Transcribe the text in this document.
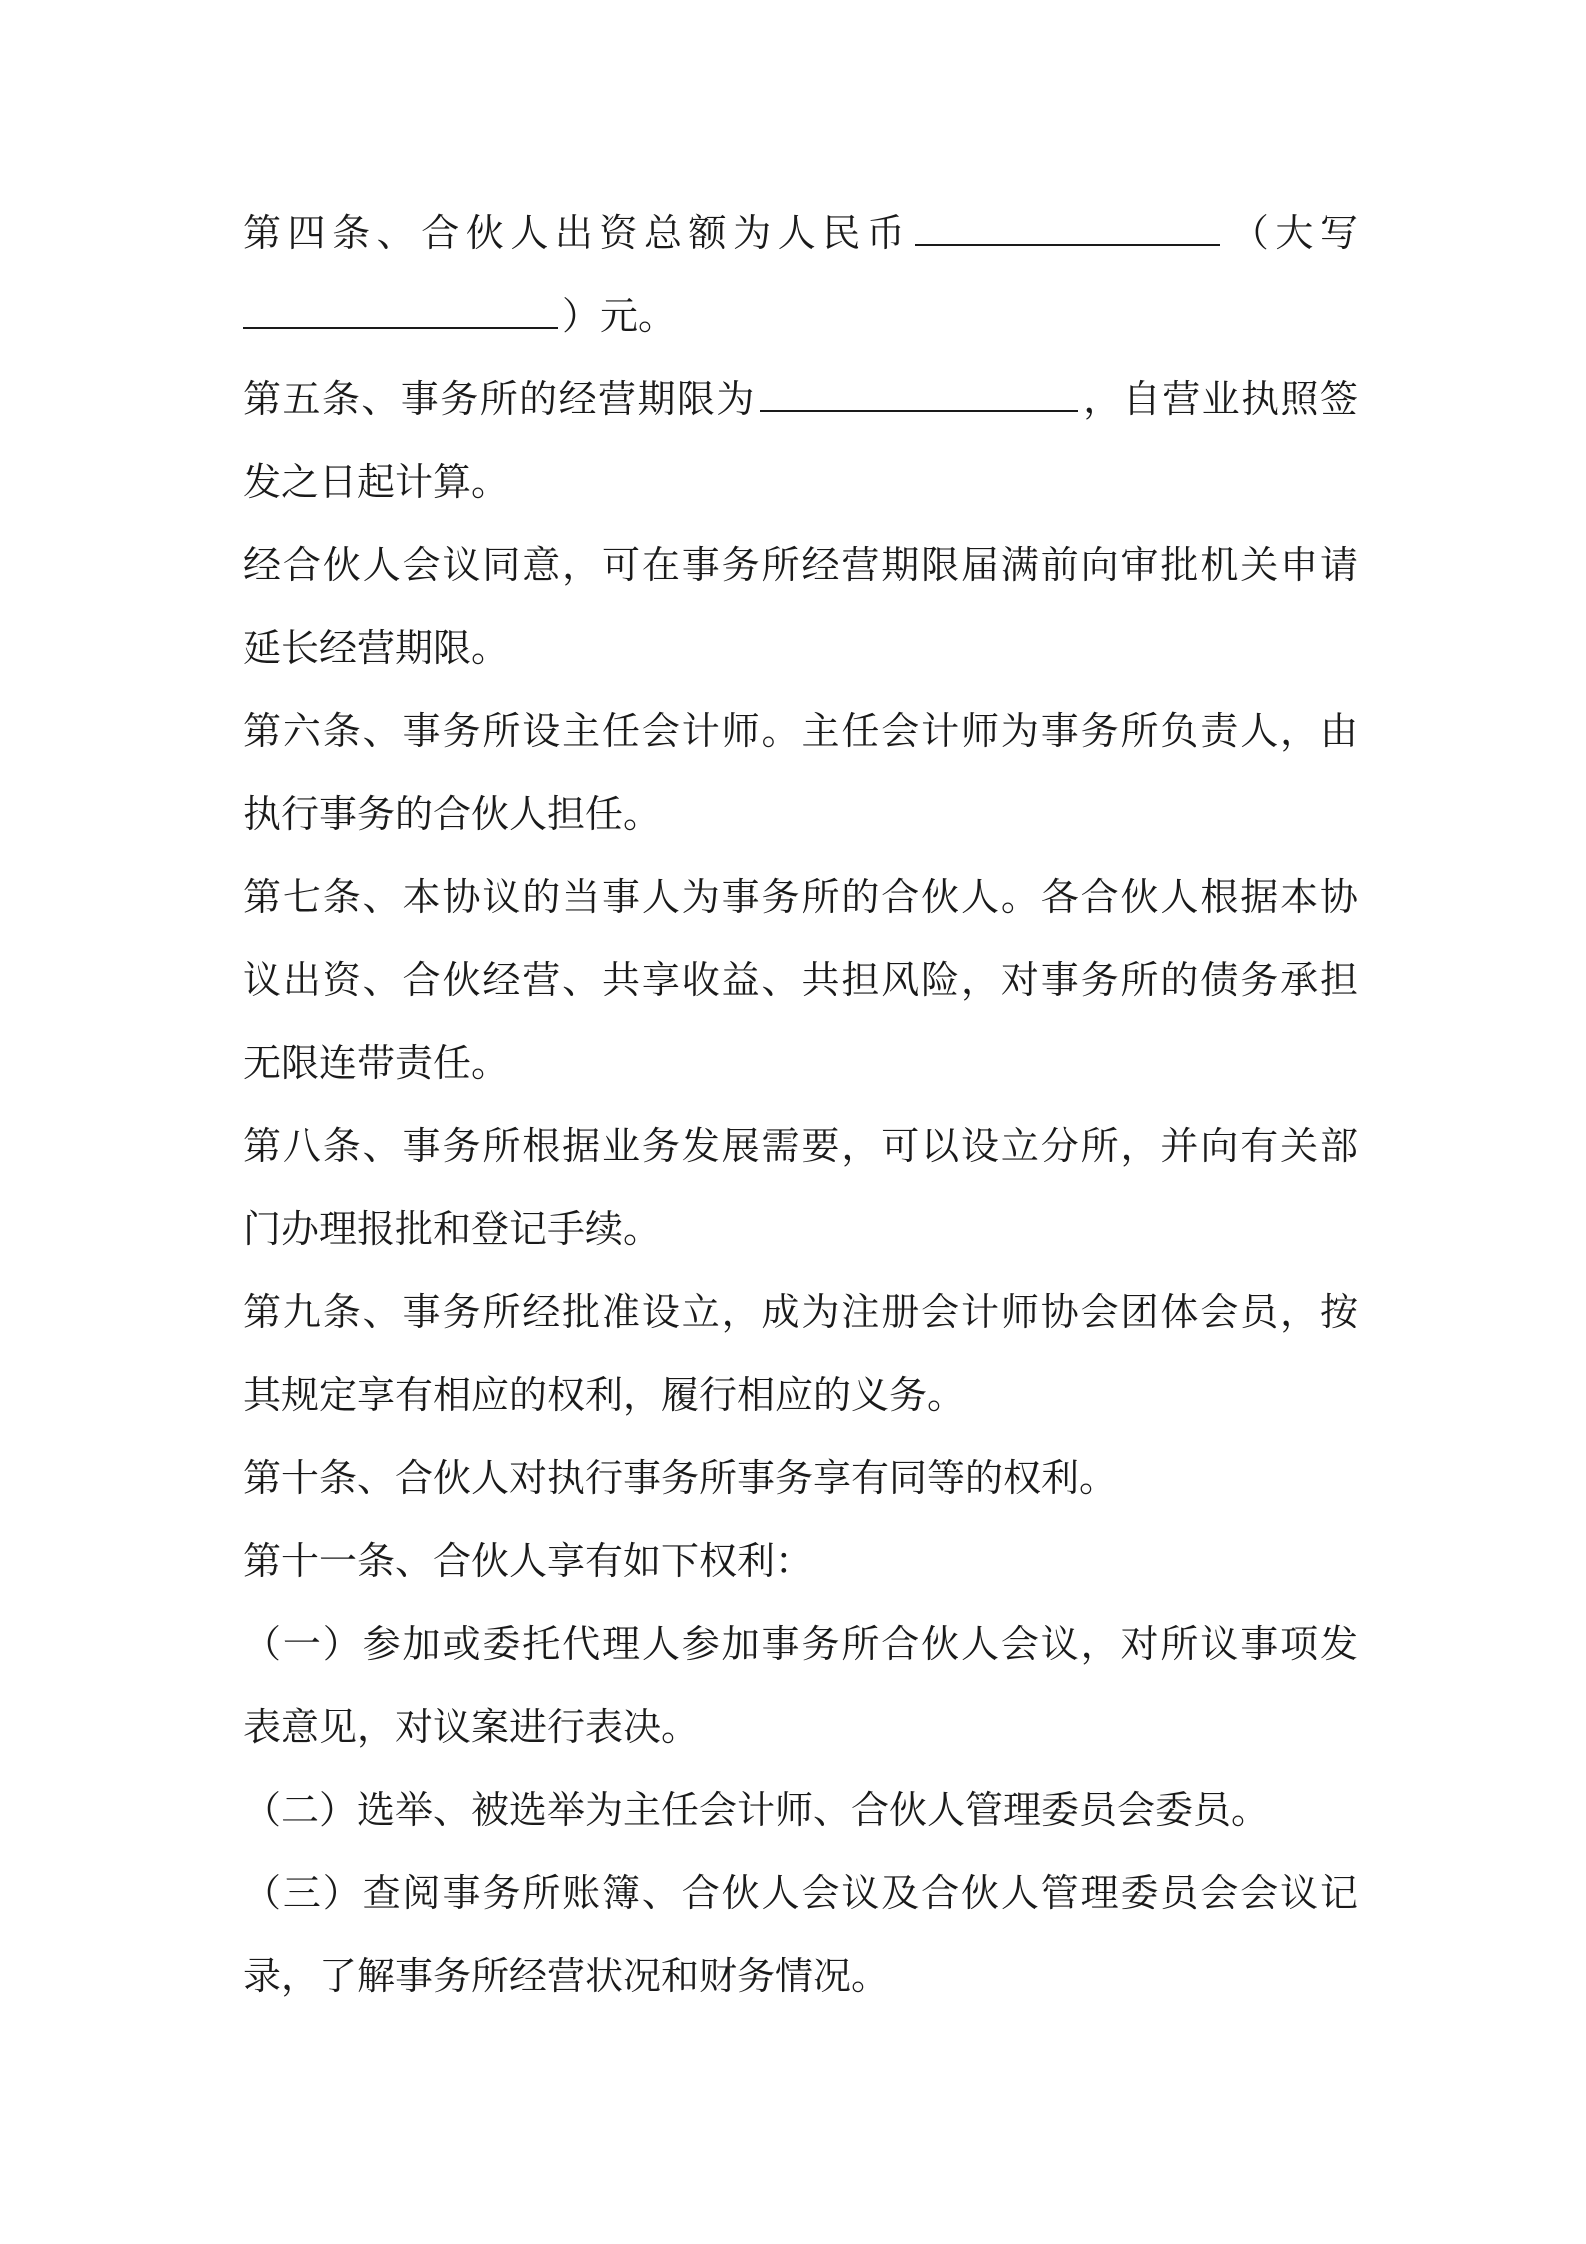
第四条、合伙人出资总额为人民币	（大写
）元。
第五条、事务所的经营期限为	，自营业执照签
发之日起计算。
经合伙人会议同意，可在事务所经营期限届满前向审批机关申请
延长经营期限。
第六条、事务所设主任会计师。主任会计师为事务所负责人，由
执行事务的合伙人担任。
第七条、本协议的当事人为事务所的合伙人。各合伙人根据本协
议出资、合伙经营、共享收益、共担风险，对事务所的债务承担
无限连带责任。
第八条、事务所根据业务发展需要，可以设立分所，并向有关部
门办理报批和登记手续。
第九条、事务所经批准设立，成为注册会计师协会团体会员，按
其规定享有相应的权利，履行相应的义务。
第十条、合伙人对执行事务所事务享有同等的权利。
第十一条、合伙人享有如下权利：
（一）参加或委托代理人参加事务所合伙人会议，对所议事项发
表意见，对议案进行表决。
（二）选举、被选举为主任会计师、合伙人管理委员会委员。
（三）查阅事务所账簿、合伙人会议及合伙人管理委员会会议记
录，了解事务所经营状况和财务情况。
